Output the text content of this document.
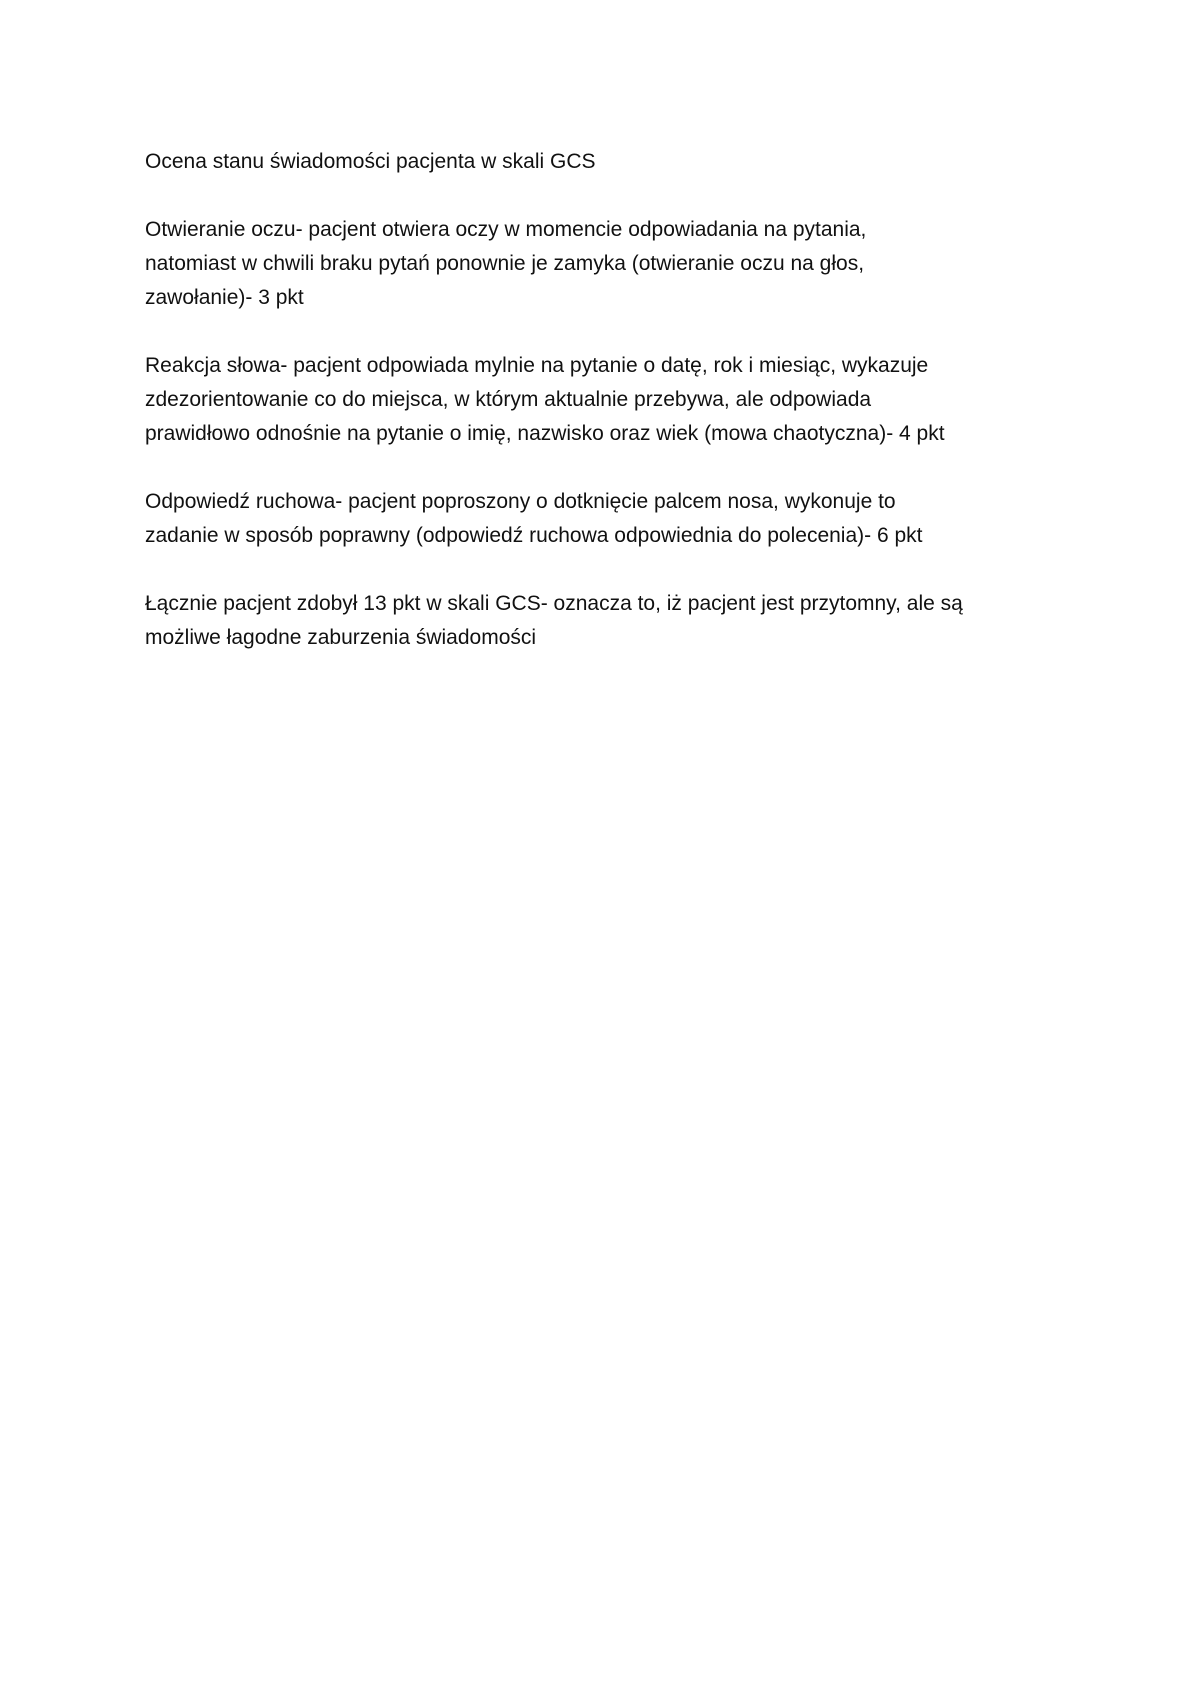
Ocena stanu świadomości pacjenta w skali GCS

Otwieranie oczu- pacjent otwiera oczy w momencie odpowiadania na pytania,
natomiast w chwili braku pytań ponownie je zamyka (otwieranie oczu na głos,
zawołanie)- 3 pkt

Reakcja słowa- pacjent odpowiada mylnie na pytanie o datę, rok i miesiąc, wykazuje
zdezorientowanie co do miejsca, w którym aktualnie przebywa, ale odpowiada
prawidłowo odnośnie na pytanie o imię, nazwisko oraz wiek (mowa chaotyczna)- 4 pkt

Odpowiedź ruchowa- pacjent poproszony o dotknięcie palcem nosa, wykonuje to
zadanie w sposób poprawny (odpowiedź ruchowa odpowiednia do polecenia)- 6 pkt

Łącznie pacjent zdobył 13 pkt w skali GCS- oznacza to, iż pacjent jest przytomny, ale są
możliwe łagodne zaburzenia świadomości
